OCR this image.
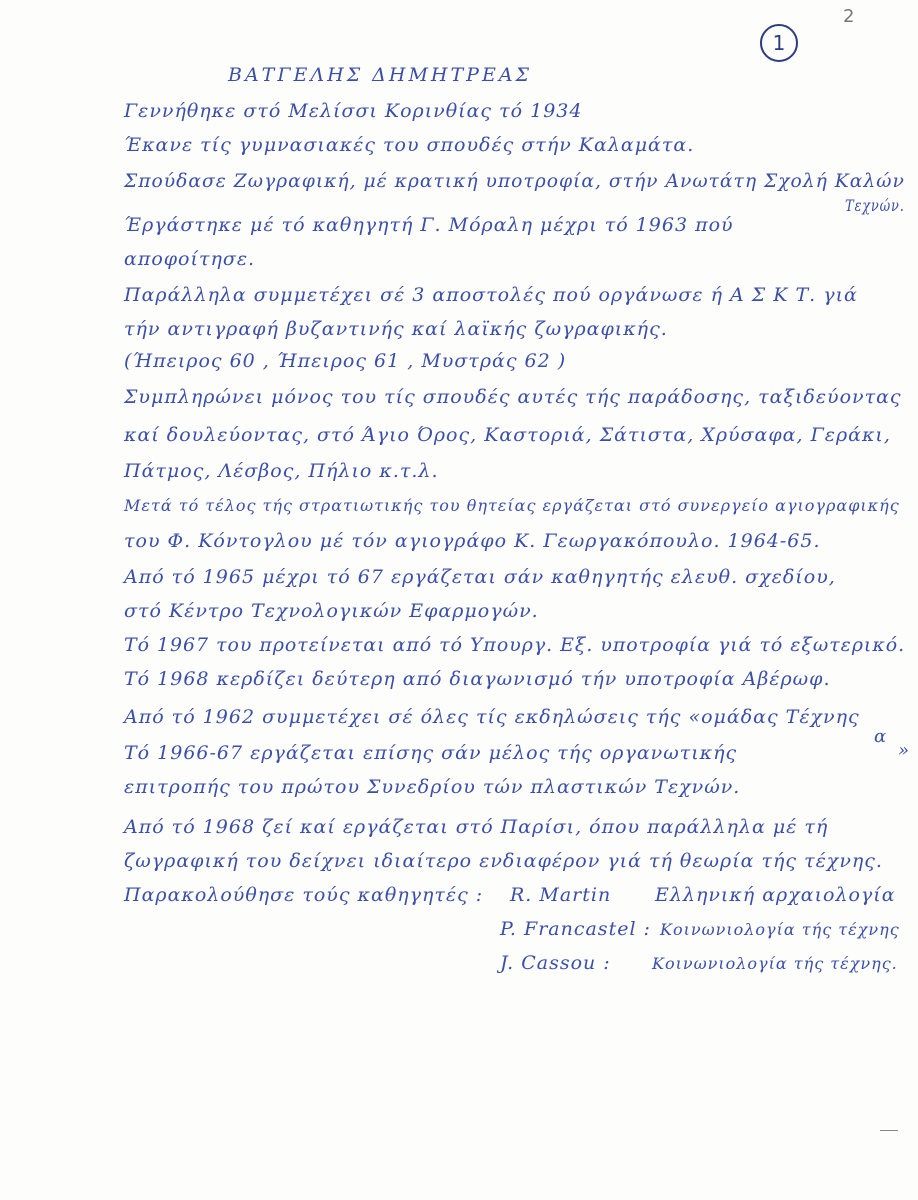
2
1
ΒΑΤΓΕΛΗΣ ΔΗΜΗΤΡΕΑΣ
Γεννήθηκε στό Μελίσσι Κορινθίας τό 1934
Έκανε τίς γυμνασιακές του σπουδές στήν Καλαμάτα.
Σπούδασε Ζωγραφική, μέ κρατική υποτροφία, στήν Ανωτάτη Σχολή Καλών
Τεχνών.
Έργάστηκε μέ τό καθηγητή Γ. Μόραλη μέχρι τό 1963 πού
αποφοίτησε.
Παράλληλα συμμετέχει σέ 3 αποστολές πού οργάνωσε ή Α Σ Κ Τ. γιά
τήν αντιγραφή βυζαντινής καί λαϊκής ζωγραφικής.
(Ήπειρος 60 , Ήπειρος 61 , Μυστράς 62 )
Συμπληρώνει μόνος του τίς σπουδές αυτές τής παράδοσης, ταξιδεύοντας
καί δουλεύοντας, στό Άγιο Όρος, Καστοριά, Σάτιστα, Χρύσαφα, Γεράκι,
Πάτμος, Λέσβος, Πήλιο κ.τ.λ.
Μετά τό τέλος τής στρατιωτικής του θητείας εργάζεται στό συνεργείο αγιογραφικής
του Φ. Κόντογλου μέ τόν αγιογράφο Κ. Γεωργακόπουλο. 1964-65.
Από τό 1965 μέχρι τό 67 εργάζεται σάν καθηγητής ελευθ. σχεδίου,
στό Κέντρο Τεχνολογικών Εφαρμογών.
Τό 1967 του προτείνεται από τό Υπουργ. Εξ. υποτροφία γιά τό εξωτερικό.
Τό 1968 κερδίζει δεύτερη από διαγωνισμό τήν υποτροφία Αβέρωφ.
Από τό 1962 συμμετέχει σέ όλες τίς εκδηλώσεις τής «ομάδας Τέχνης
α
Τό 1966-67 εργάζεται επίσης σάν μέλος τής οργανωτικής	»
επιτροπής του πρώτου Συνεδρίου τών πλαστικών Τεχνών.
Από τό 1968 ζεί καί εργάζεται στό Παρίσι, όπου παράλληλα μέ τή
ζωγραφική του δείχνει ιδιαίτερο ενδιαφέρον γιά τή θεωρία τής τέχνης.
Παρακολούθησε τούς καθηγητές : R. Martin Ελληνική αρχαιολογία
P. Francastel : Κοινωνιολογία τής τέχνης
J. Cassou :	Κοινωνιολογία τής τέχνης.
